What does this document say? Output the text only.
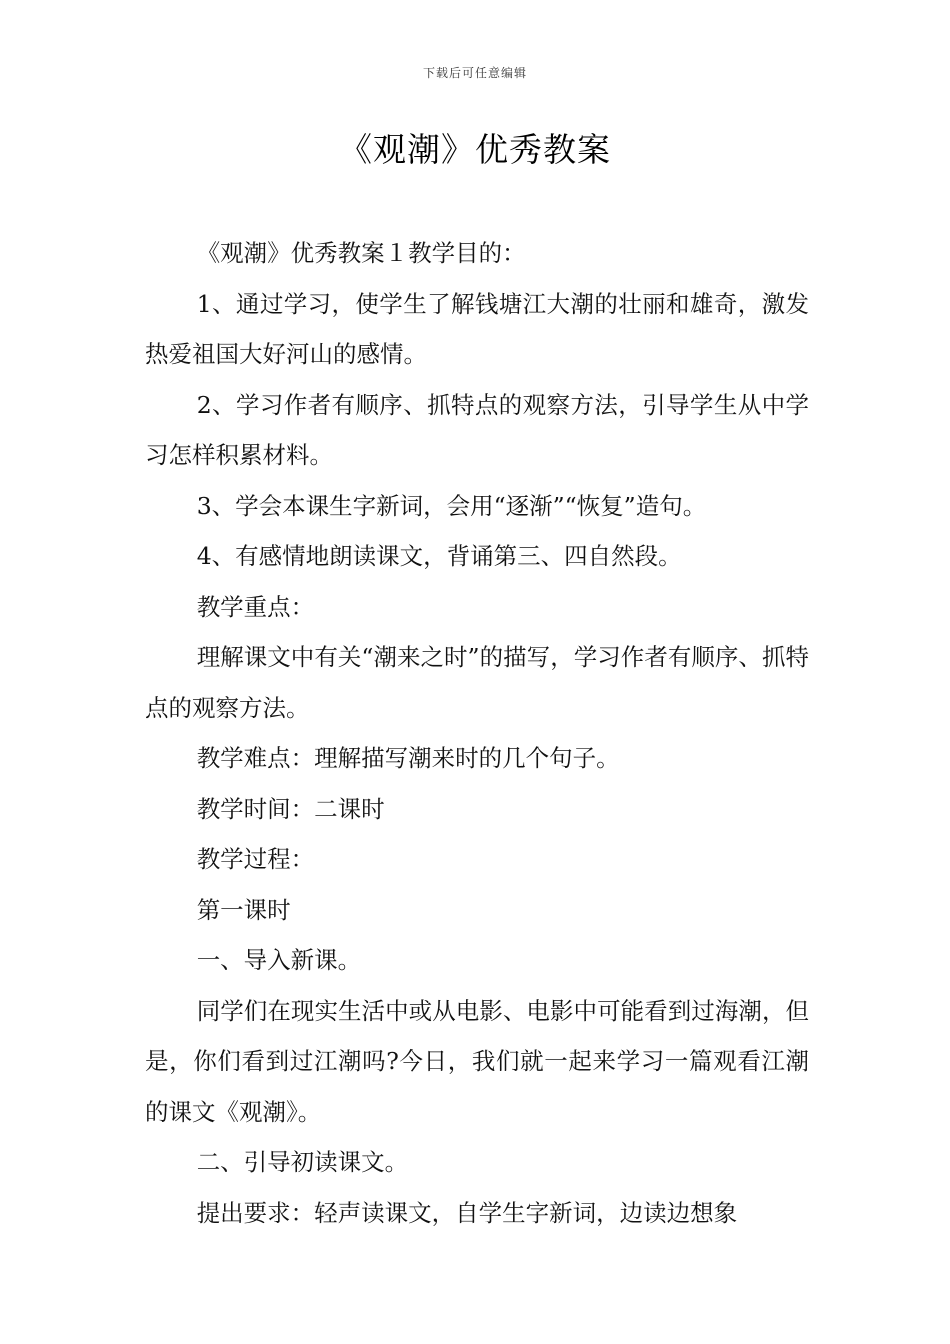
下载后可任意编辑
《观潮》优秀教案

《观潮》优秀教案１教学目的：

1、通过学习，使学生了解钱塘江大潮的壮丽和雄奇，激发热爱祖国大好河山的感情。

2、学习作者有顺序、抓特点的观察方法，引导学生从中学习怎样积累材料。

3、学会本课生字新词，会用“逐渐”“恢复”造句。

4、有感情地朗读课文，背诵第三、四自然段。

教学重点：

理解课文中有关“潮来之时”的描写，学习作者有顺序、抓特点的观察方法。

教学难点：理解描写潮来时的几个句子。

教学时间：二课时

教学过程：

第一课时

一、导入新课。

同学们在现实生活中或从电影、电影中可能看到过海潮，但是，你们看到过江潮吗?今日，我们就一起来学习一篇观看江潮的课文《观潮》。

二、引导初读课文。

提出要求：轻声读课文，自学生字新词，边读边想象
